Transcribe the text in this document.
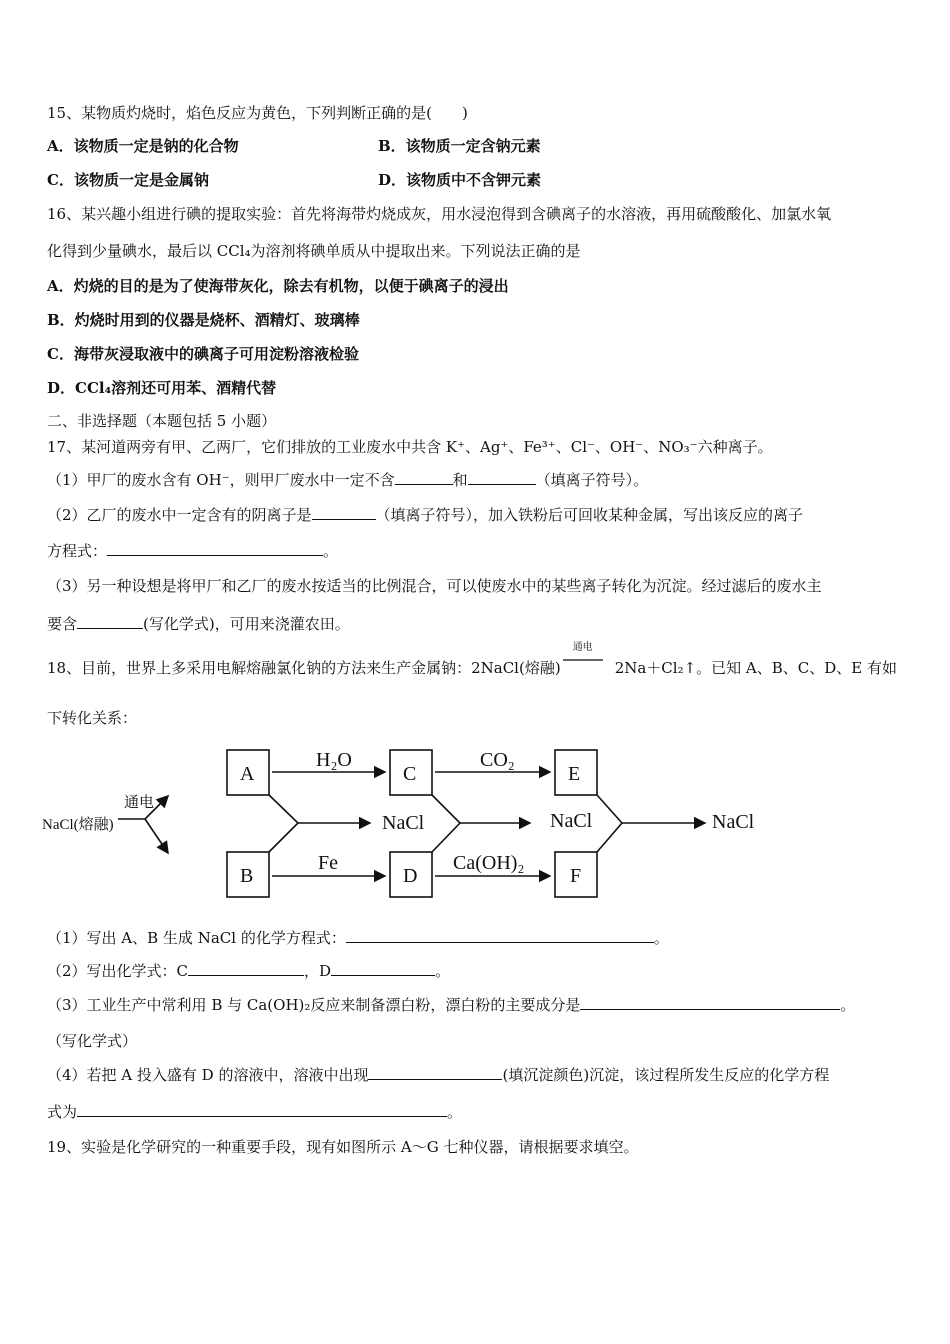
15、某物质灼烧时，焰色反应为黄色，下列判断正确的是(　　)
A．该物质一定是钠的化合物	B．该物质一定含钠元素
C．该物质一定是金属钠	D．该物质中不含钾元素
16、某兴趣小组进行碘的提取实验：首先将海带灼烧成灰，用水浸泡得到含碘离子的水溶液，再用硫酸酸化、加氯水氧
化得到少量碘水，最后以 CCl₄为溶剂将碘单质从中提取出来。下列说法正确的是
A．灼烧的目的是为了使海带灰化，除去有机物，以便于碘离子的浸出
B．灼烧时用到的仪器是烧杯、酒精灯、玻璃棒
C．海带灰浸取液中的碘离子可用淀粉溶液检验
D．CCl₄溶剂还可用苯、酒精代替
二、非选择题（本题包括 5 小题）
17、某河道两旁有甲、乙两厂，它们排放的工业废水中共含 K⁺、Ag⁺、Fe³⁺、Cl⁻、OH⁻、NO₃⁻六种离子。
（1）甲厂的废水含有 OH⁻，则甲厂废水中一定不含	和	（填离子符号）。
（2）乙厂的废水中一定含有的阴离子是	（填离子符号），加入铁粉后可回收某种金属，写出该反应的离子
方程式：	。
（3）另一种设想是将甲厂和乙厂的废水按适当的比例混合，可以使废水中的某些离子转化为沉淀。经过滤后的废水主
要含	(写化学式)，可用来浇灌农田。
18、目前，世界上多采用电解熔融氯化钠的方法来生产金属钠：2NaCl(熔融)
通电
2Na＋Cl₂↑。已知 A、B、C、D、E 有如
下转化关系：
NaCl(熔融)
通电
A
B
C
D
E
F
H₂O	CO₂
Fe	Ca(OH)₂
NaCl	NaCl	NaCl
（1）写出 A、B 生成 NaCl 的化学方程式：	。
（2）写出化学式：C	，D	。
（3）工业生产中常利用 B 与 Ca(OH)₂反应来制备漂白粉，漂白粉的主要成分是	。
（写化学式）
（4）若把 A 投入盛有 D 的溶液中，溶液中出现	(填沉淀颜色)沉淀，该过程所发生反应的化学方程
式为	。
19、实验是化学研究的一种重要手段，现有如图所示 A～G 七种仪器，请根据要求填空。
